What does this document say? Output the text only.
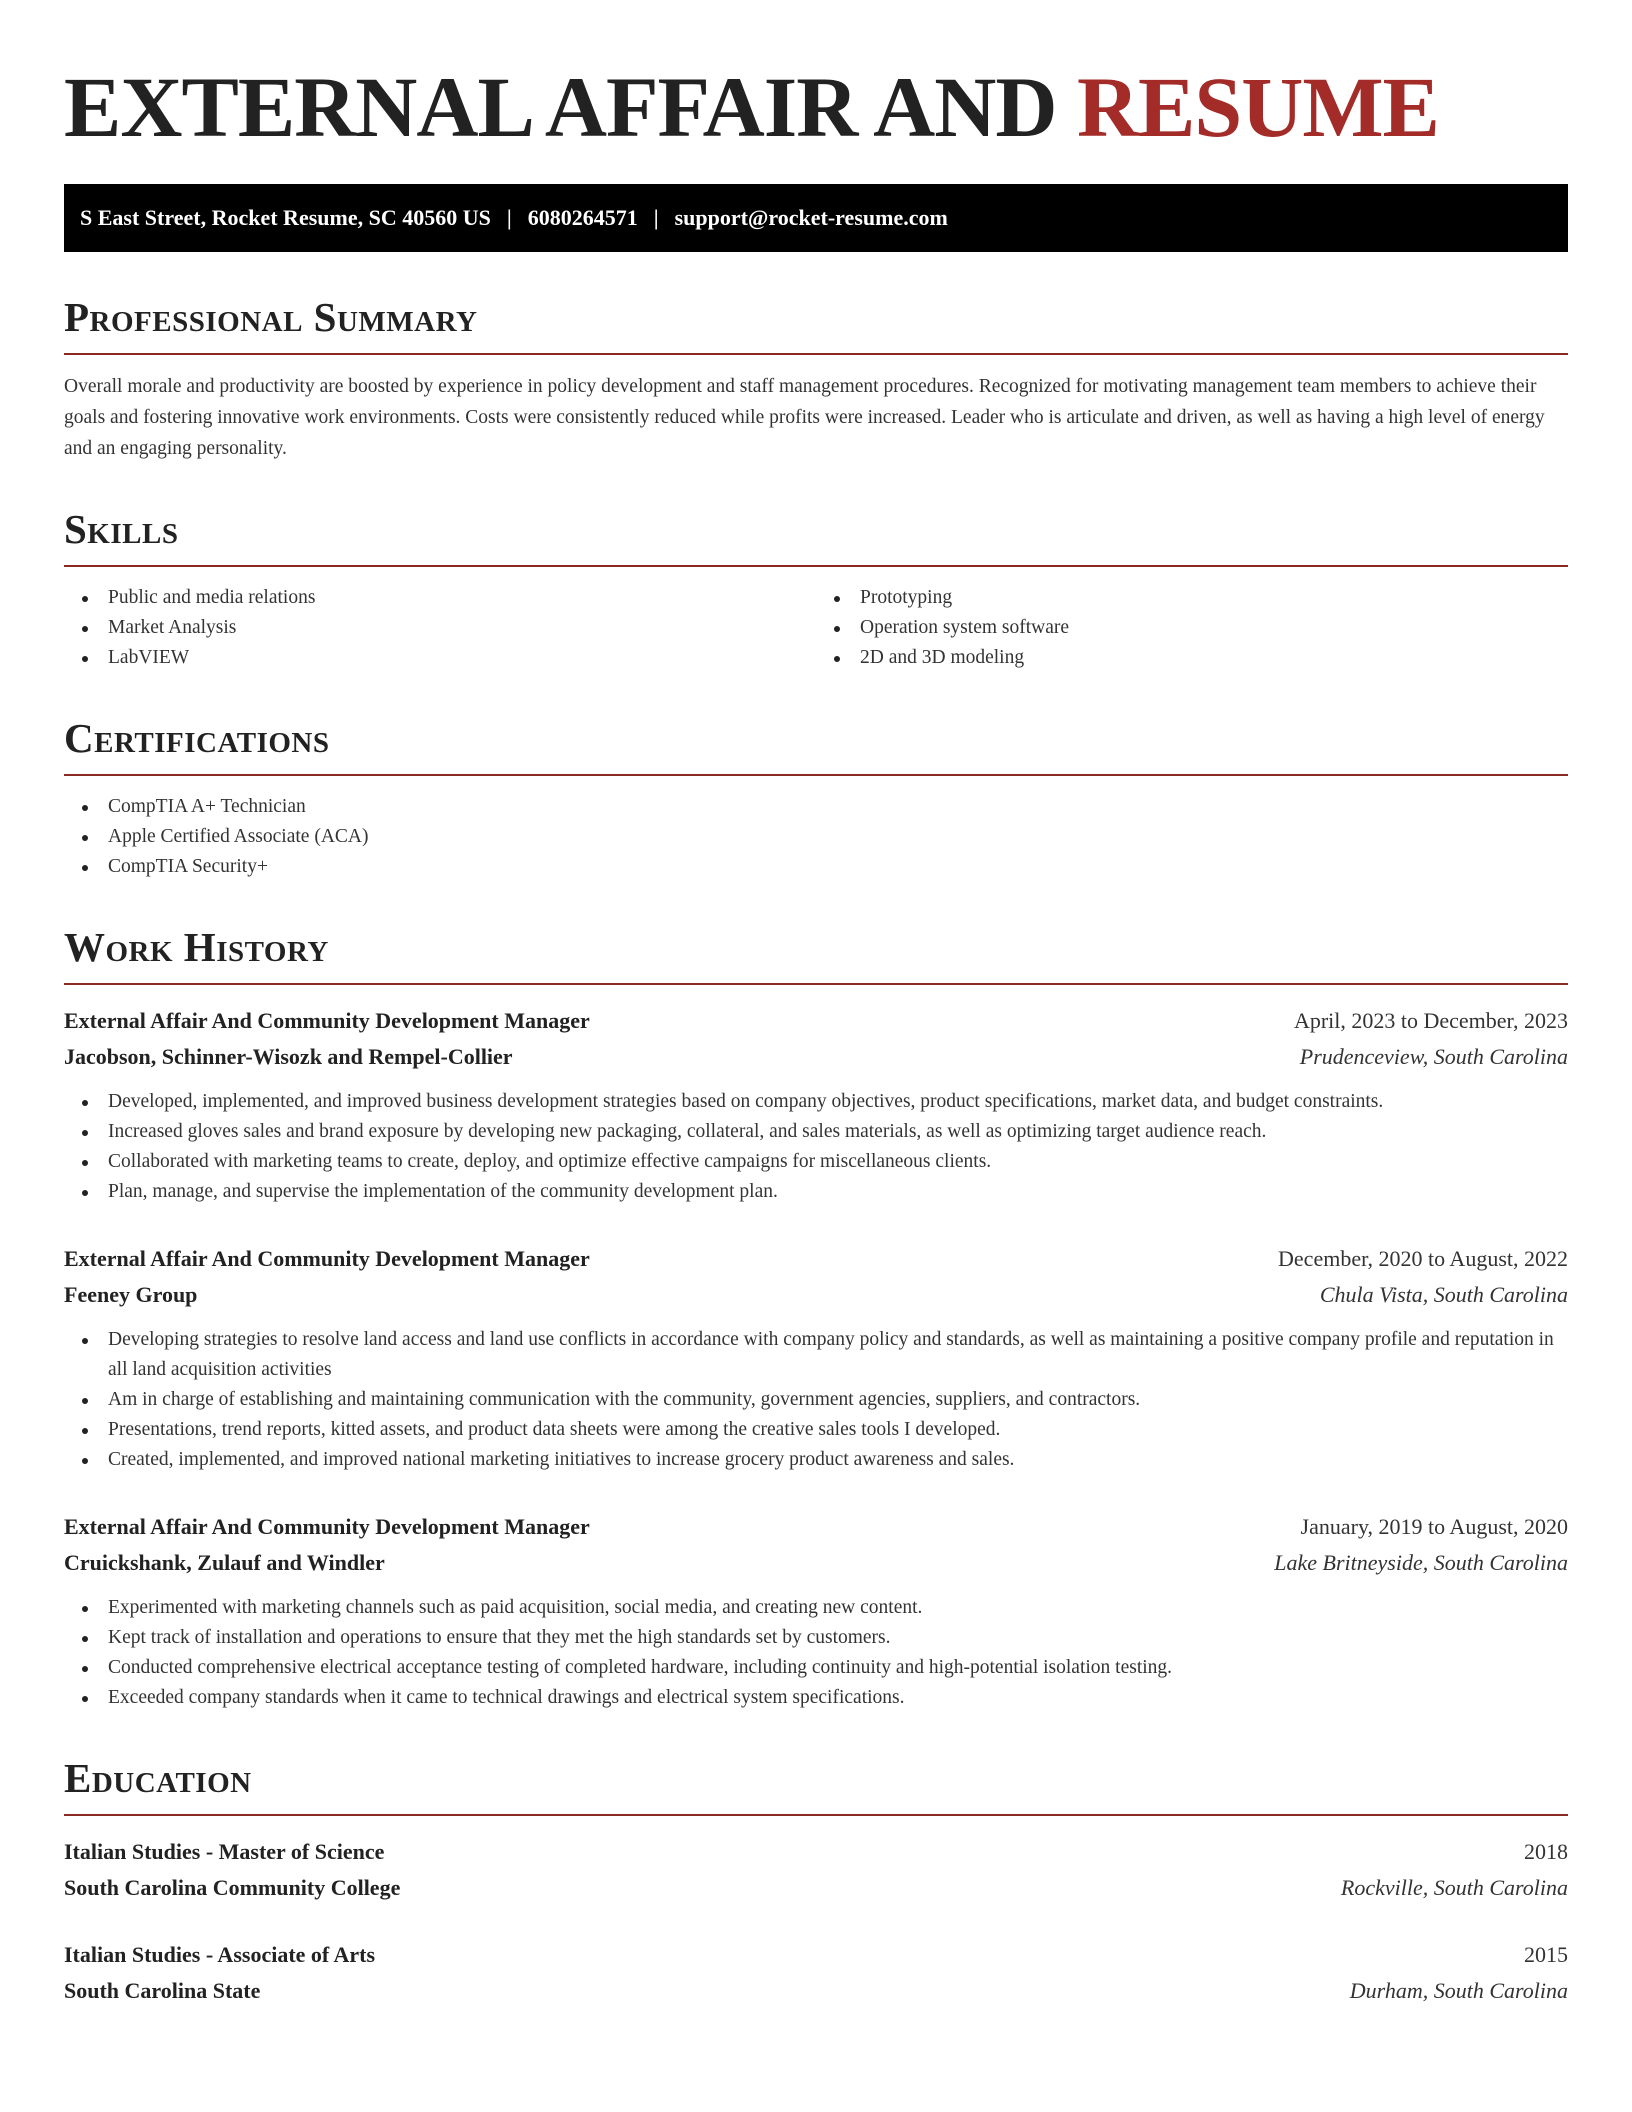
EXTERNAL AFFAIR AND RESUME
S East Street, Rocket Resume, SC 40560 US | 6080264571 | support@rocket-resume.com
Professional Summary

Overall morale and productivity are boosted by experience in policy development and staff management procedures. Recognized for motivating management team members to achieve their goals and fostering innovative work environments. Costs were consistently reduced while profits were increased. Leader who is articulate and driven, as well as having a high level of energy and an engaging personality.

Skills
Public and media relations
Market Analysis
LabVIEW
Prototyping
Operation system software
2D and 3D modeling
Certifications
CompTIA A+ Technician
Apple Certified Associate (ACA)
CompTIA Security+
Work History
External Affair And Community Development Manager	April, 2023 to December, 2023
Jacobson, Schinner-Wisozk and Rempel-Collier	Prudenceview, South Carolina
Developed, implemented, and improved business development strategies based on company objectives, product specifications, market data, and budget constraints.
Increased gloves sales and brand exposure by developing new packaging, collateral, and sales materials, as well as optimizing target audience reach.
Collaborated with marketing teams to create, deploy, and optimize effective campaigns for miscellaneous clients.
Plan, manage, and supervise the implementation of the community development plan.
External Affair And Community Development Manager	December, 2020 to August, 2022
Feeney Group	Chula Vista, South Carolina
Developing strategies to resolve land access and land use conflicts in accordance with company policy and standards, as well as maintaining a positive company profile and reputation in all land acquisition activities
Am in charge of establishing and maintaining communication with the community, government agencies, suppliers, and contractors.
Presentations, trend reports, kitted assets, and product data sheets were among the creative sales tools I developed.
Created, implemented, and improved national marketing initiatives to increase grocery product awareness and sales.
External Affair And Community Development Manager	January, 2019 to August, 2020
Cruickshank, Zulauf and Windler	Lake Britneyside, South Carolina
Experimented with marketing channels such as paid acquisition, social media, and creating new content.
Kept track of installation and operations to ensure that they met the high standards set by customers.
Conducted comprehensive electrical acceptance testing of completed hardware, including continuity and high-potential isolation testing.
Exceeded company standards when it came to technical drawings and electrical system specifications.
Education
Italian Studies - Master of Science	2018
South Carolina Community College	Rockville, South Carolina
Italian Studies - Associate of Arts	2015
South Carolina State	Durham, South Carolina
